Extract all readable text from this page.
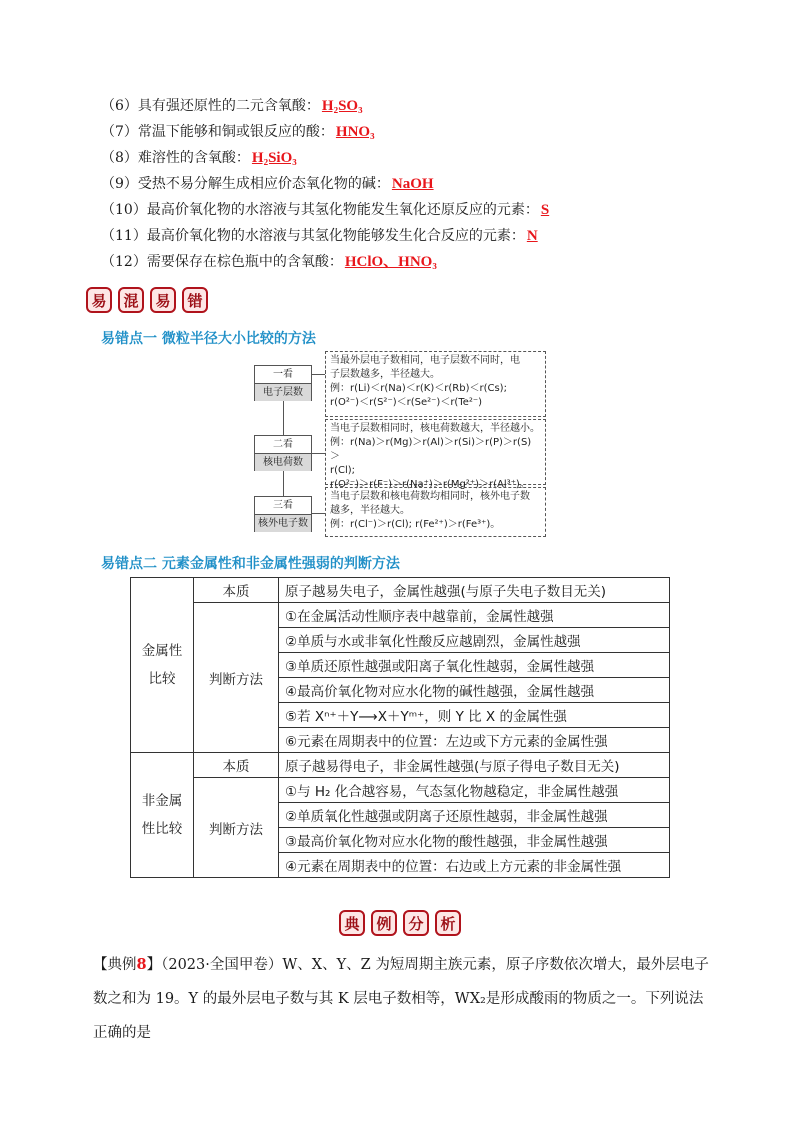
（6）具有强还原性的二元含氧酸： H₂SO₃
（7）常温下能够和铜或银反应的酸： HNO₃
（8）难溶性的含氧酸： H₂SiO₃
（9）受热不易分解生成相应价态氧化物的碱： NaOH
（10）最高价氧化物的水溶液与其氢化物能发生氧化还原反应的元素： S
（11）最高价氧化物的水溶液与其氢化物能够发生化合反应的元素： N
（12）需要保存在棕色瓶中的含氧酸： HClO、HNO₃
易	混	易	错
易错点一 微粒半径大小比较的方法
一看
电子层数
二看
核电荷数
三看
核外电子数
当最外层电子数相同，电子层数不同时，电
子层数越多，半径越大。
例：r(Li)＜r(Na)＜r(K)＜r(Rb)＜r(Cs);
r(O²⁻)＜r(S²⁻)＜r(Se²⁻)＜r(Te²⁻)
当电子层数相同时，核电荷数越大，半径越小。
例：r(Na)＞r(Mg)＞r(Al)＞r(Si)＞r(P)＞r(S)＞
r(Cl);
r(O²⁻)＞r(F⁻)＞r(Na⁺)＞r(Mg²⁺)＞r(Al³⁺)。
当电子层数和核电荷数均相同时，核外电子数
越多，半径越大。
例：r(Cl⁻)＞r(Cl); r(Fe²⁺)＞r(Fe³⁺)。
易错点二 元素金属性和非金属性强弱的判断方法
金属性
比较	本质	原子越易失电子，金属性越强(与原子失电子数目无关)
	判断方法	①在金属活动性顺序表中越靠前，金属性越强
		②单质与水或非氧化性酸反应越剧烈，金属性越强
		③单质还原性越强或阳离子氧化性越弱，金属性越强
		④最高价氧化物对应水化物的碱性越强，金属性越强
		⑤若 Xⁿ⁺＋Y⟶X＋Yᵐ⁺，则 Y 比 X 的金属性强
		⑥元素在周期表中的位置：左边或下方元素的金属性强
非金属
性比较	本质	原子越易得电子，非金属性越强(与原子得电子数目无关)
	判断方法	①与 H₂ 化合越容易，气态氢化物越稳定，非金属性越强
		②单质氧化性越强或阴离子还原性越弱，非金属性越强
		③最高价氧化物对应水化物的酸性越强，非金属性越强
		④元素在周期表中的位置：右边或上方元素的非金属性强
典	例	分	析
【典例8】（2023·全国甲卷）W、X、Y、Z 为短周期主族元素，原子序数依次增大，最外层电子数之和为 19。Y 的最外层电子数与其 K 层电子数相等，WX₂是形成酸雨的物质之一。下列说法正确的是
